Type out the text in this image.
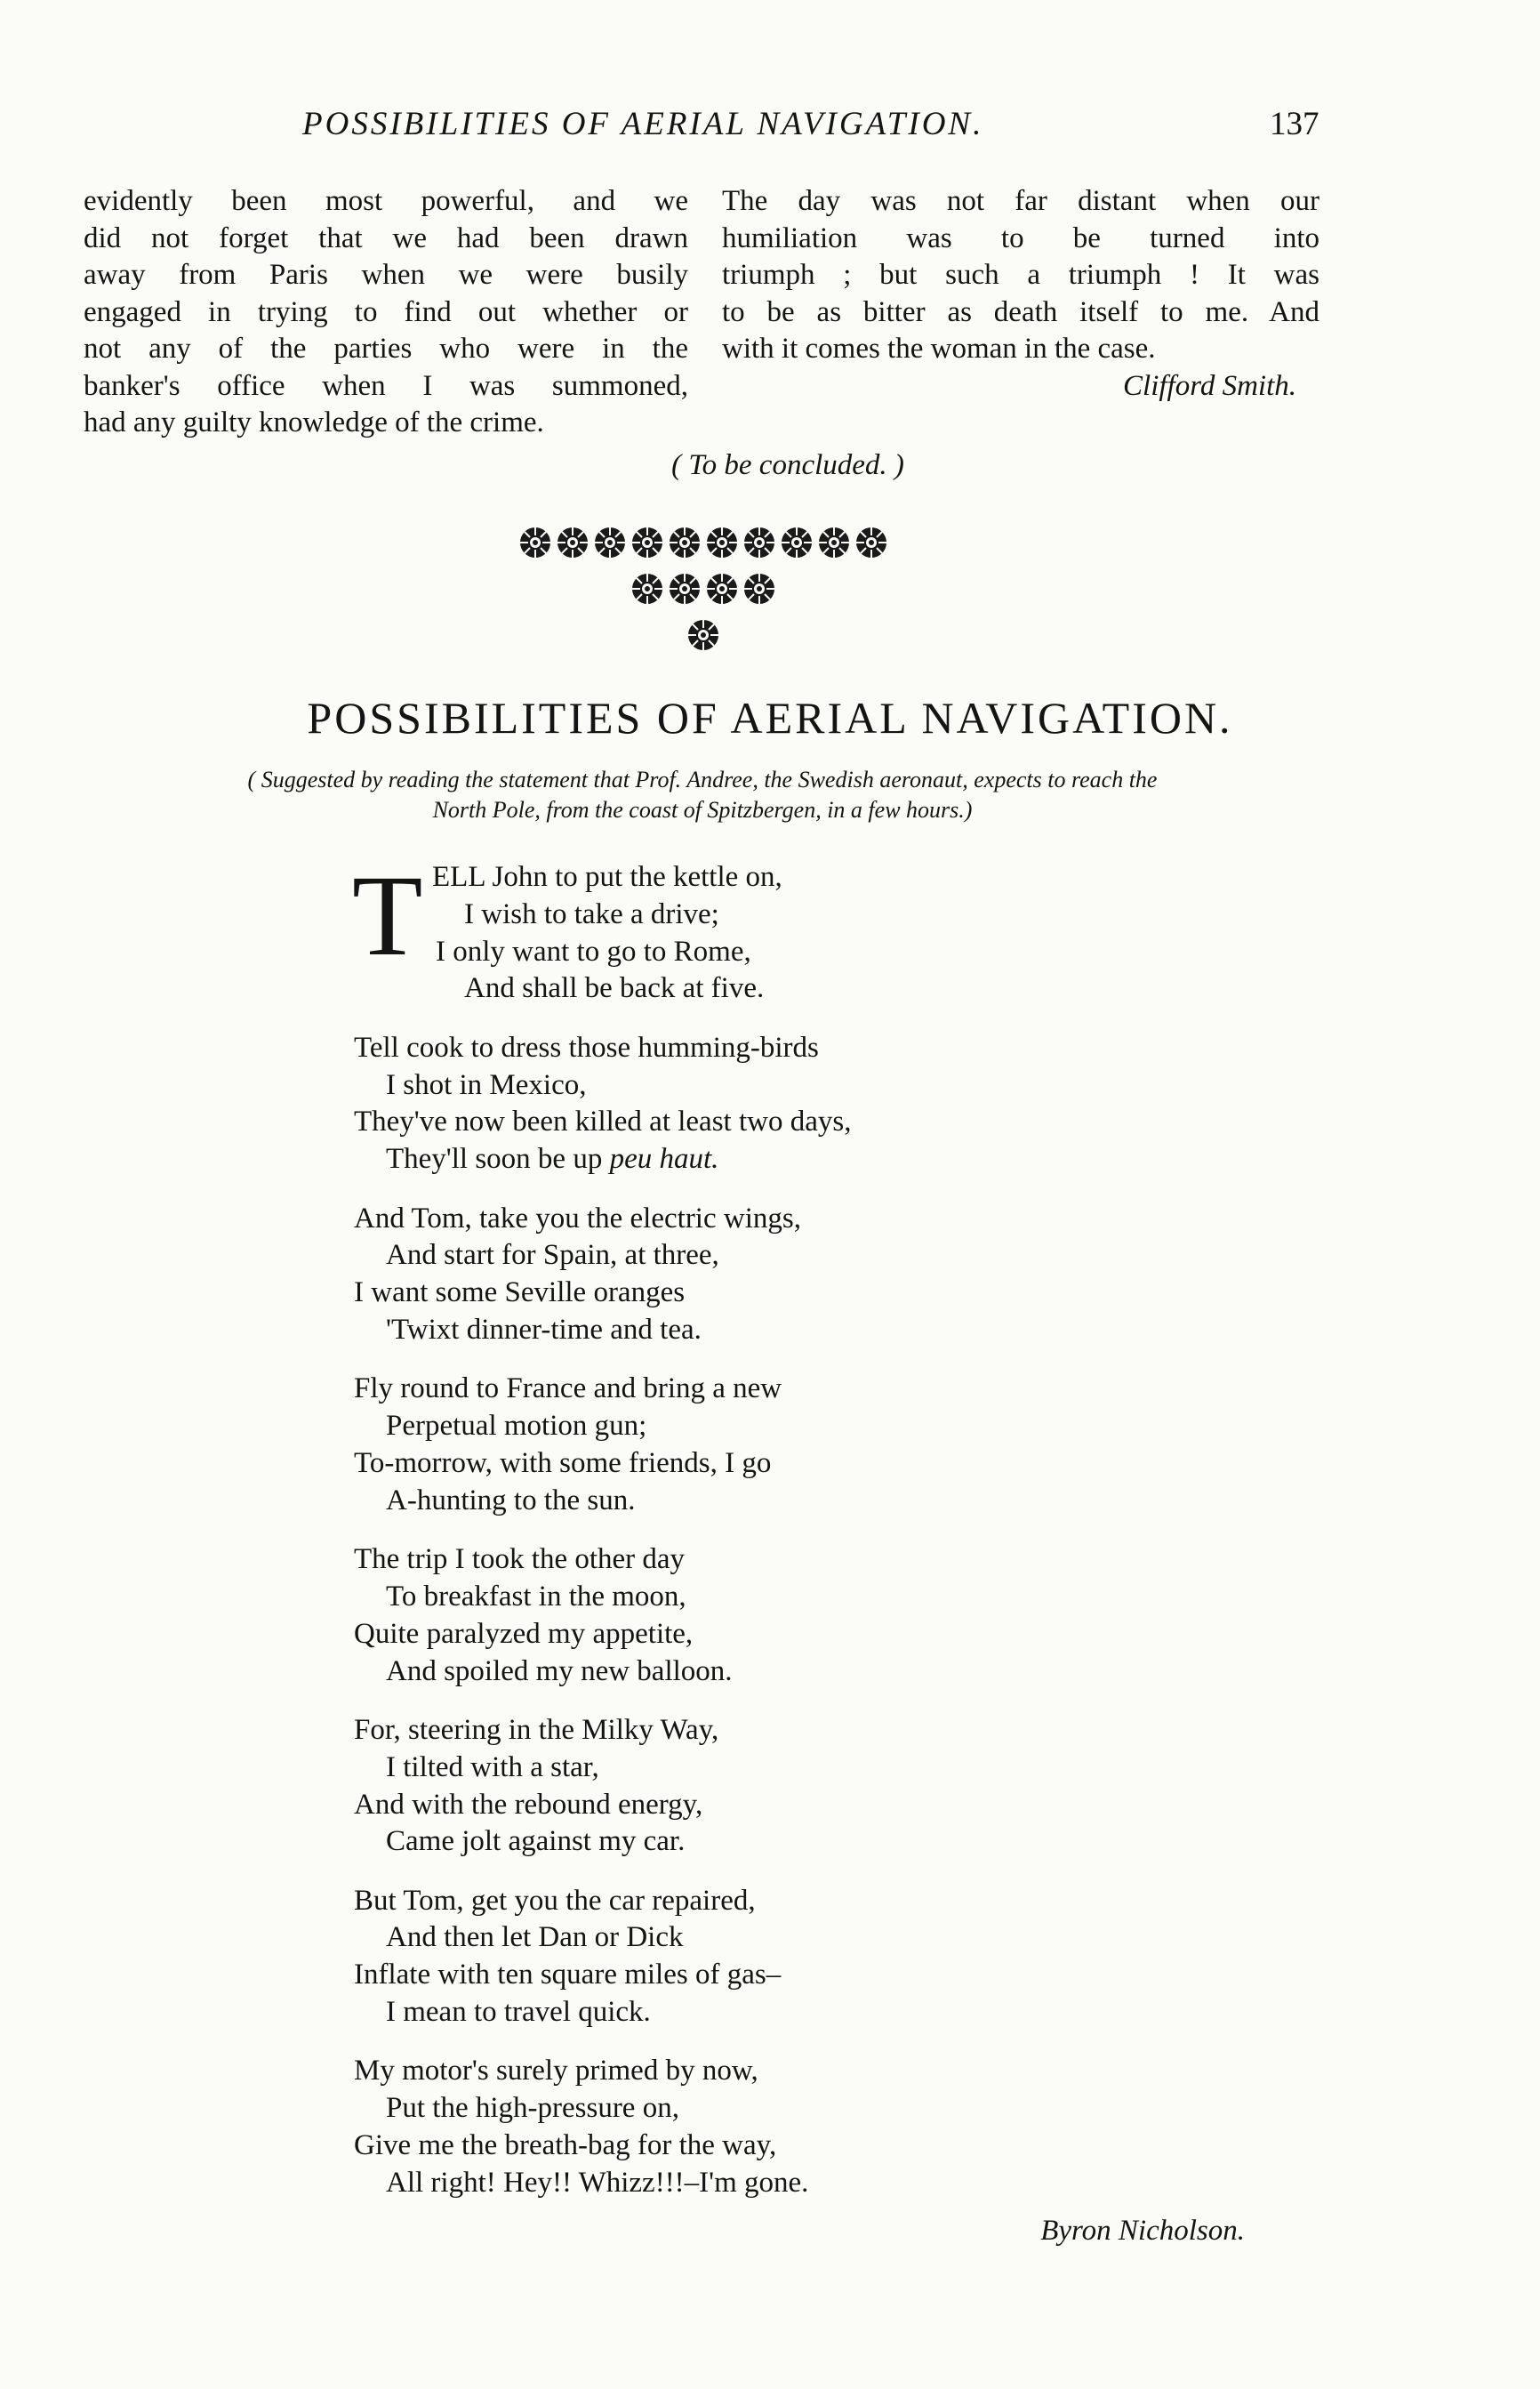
POSSIBILITIES OF AERIAL NAVIGATION.	137
evidently been most powerful, and we
did not forget that we had been drawn
away from Paris when we were busily
engaged in trying to find out whether or
not any of the parties who were in the
banker's office when I was summoned,
had any guilty knowledge of the crime.
The day was not far distant when our
humiliation was to be turned into
triumph ; but such a triumph ! It was
to be as bitter as death itself to me. And
with it comes the woman in the case.
Clifford Smith.
( To be concluded. )
POSSIBILITIES OF AERIAL NAVIGATION.
( Suggested by reading the statement that Prof. Andree, the Swedish aeronaut, expects to reach the
North Pole, from the coast of Spitzbergen, in a few hours.)
T ELL John to put the kettle on,
I wish to take a drive;
I only want to go to Rome,
And shall be back at five.
Tell cook to dress those humming-birds
I shot in Mexico,
They've now been killed at least two days,
They'll soon be up peu haut.
And Tom, take you the electric wings,
And start for Spain, at three,
I want some Seville oranges
'Twixt dinner-time and tea.
Fly round to France and bring a new
Perpetual motion gun;
To-morrow, with some friends, I go
A-hunting to the sun.
The trip I took the other day
To breakfast in the moon,
Quite paralyzed my appetite,
And spoiled my new balloon.
For, steering in the Milky Way,
I tilted with a star,
And with the rebound energy,
Came jolt against my car.
But Tom, get you the car repaired,
And then let Dan or Dick
Inflate with ten square miles of gas–
I mean to travel quick.
My motor's surely primed by now,
Put the high-pressure on,
Give me the breath-bag for the way,
All right! Hey!! Whizz!!!–I'm gone.
Byron Nicholson.
